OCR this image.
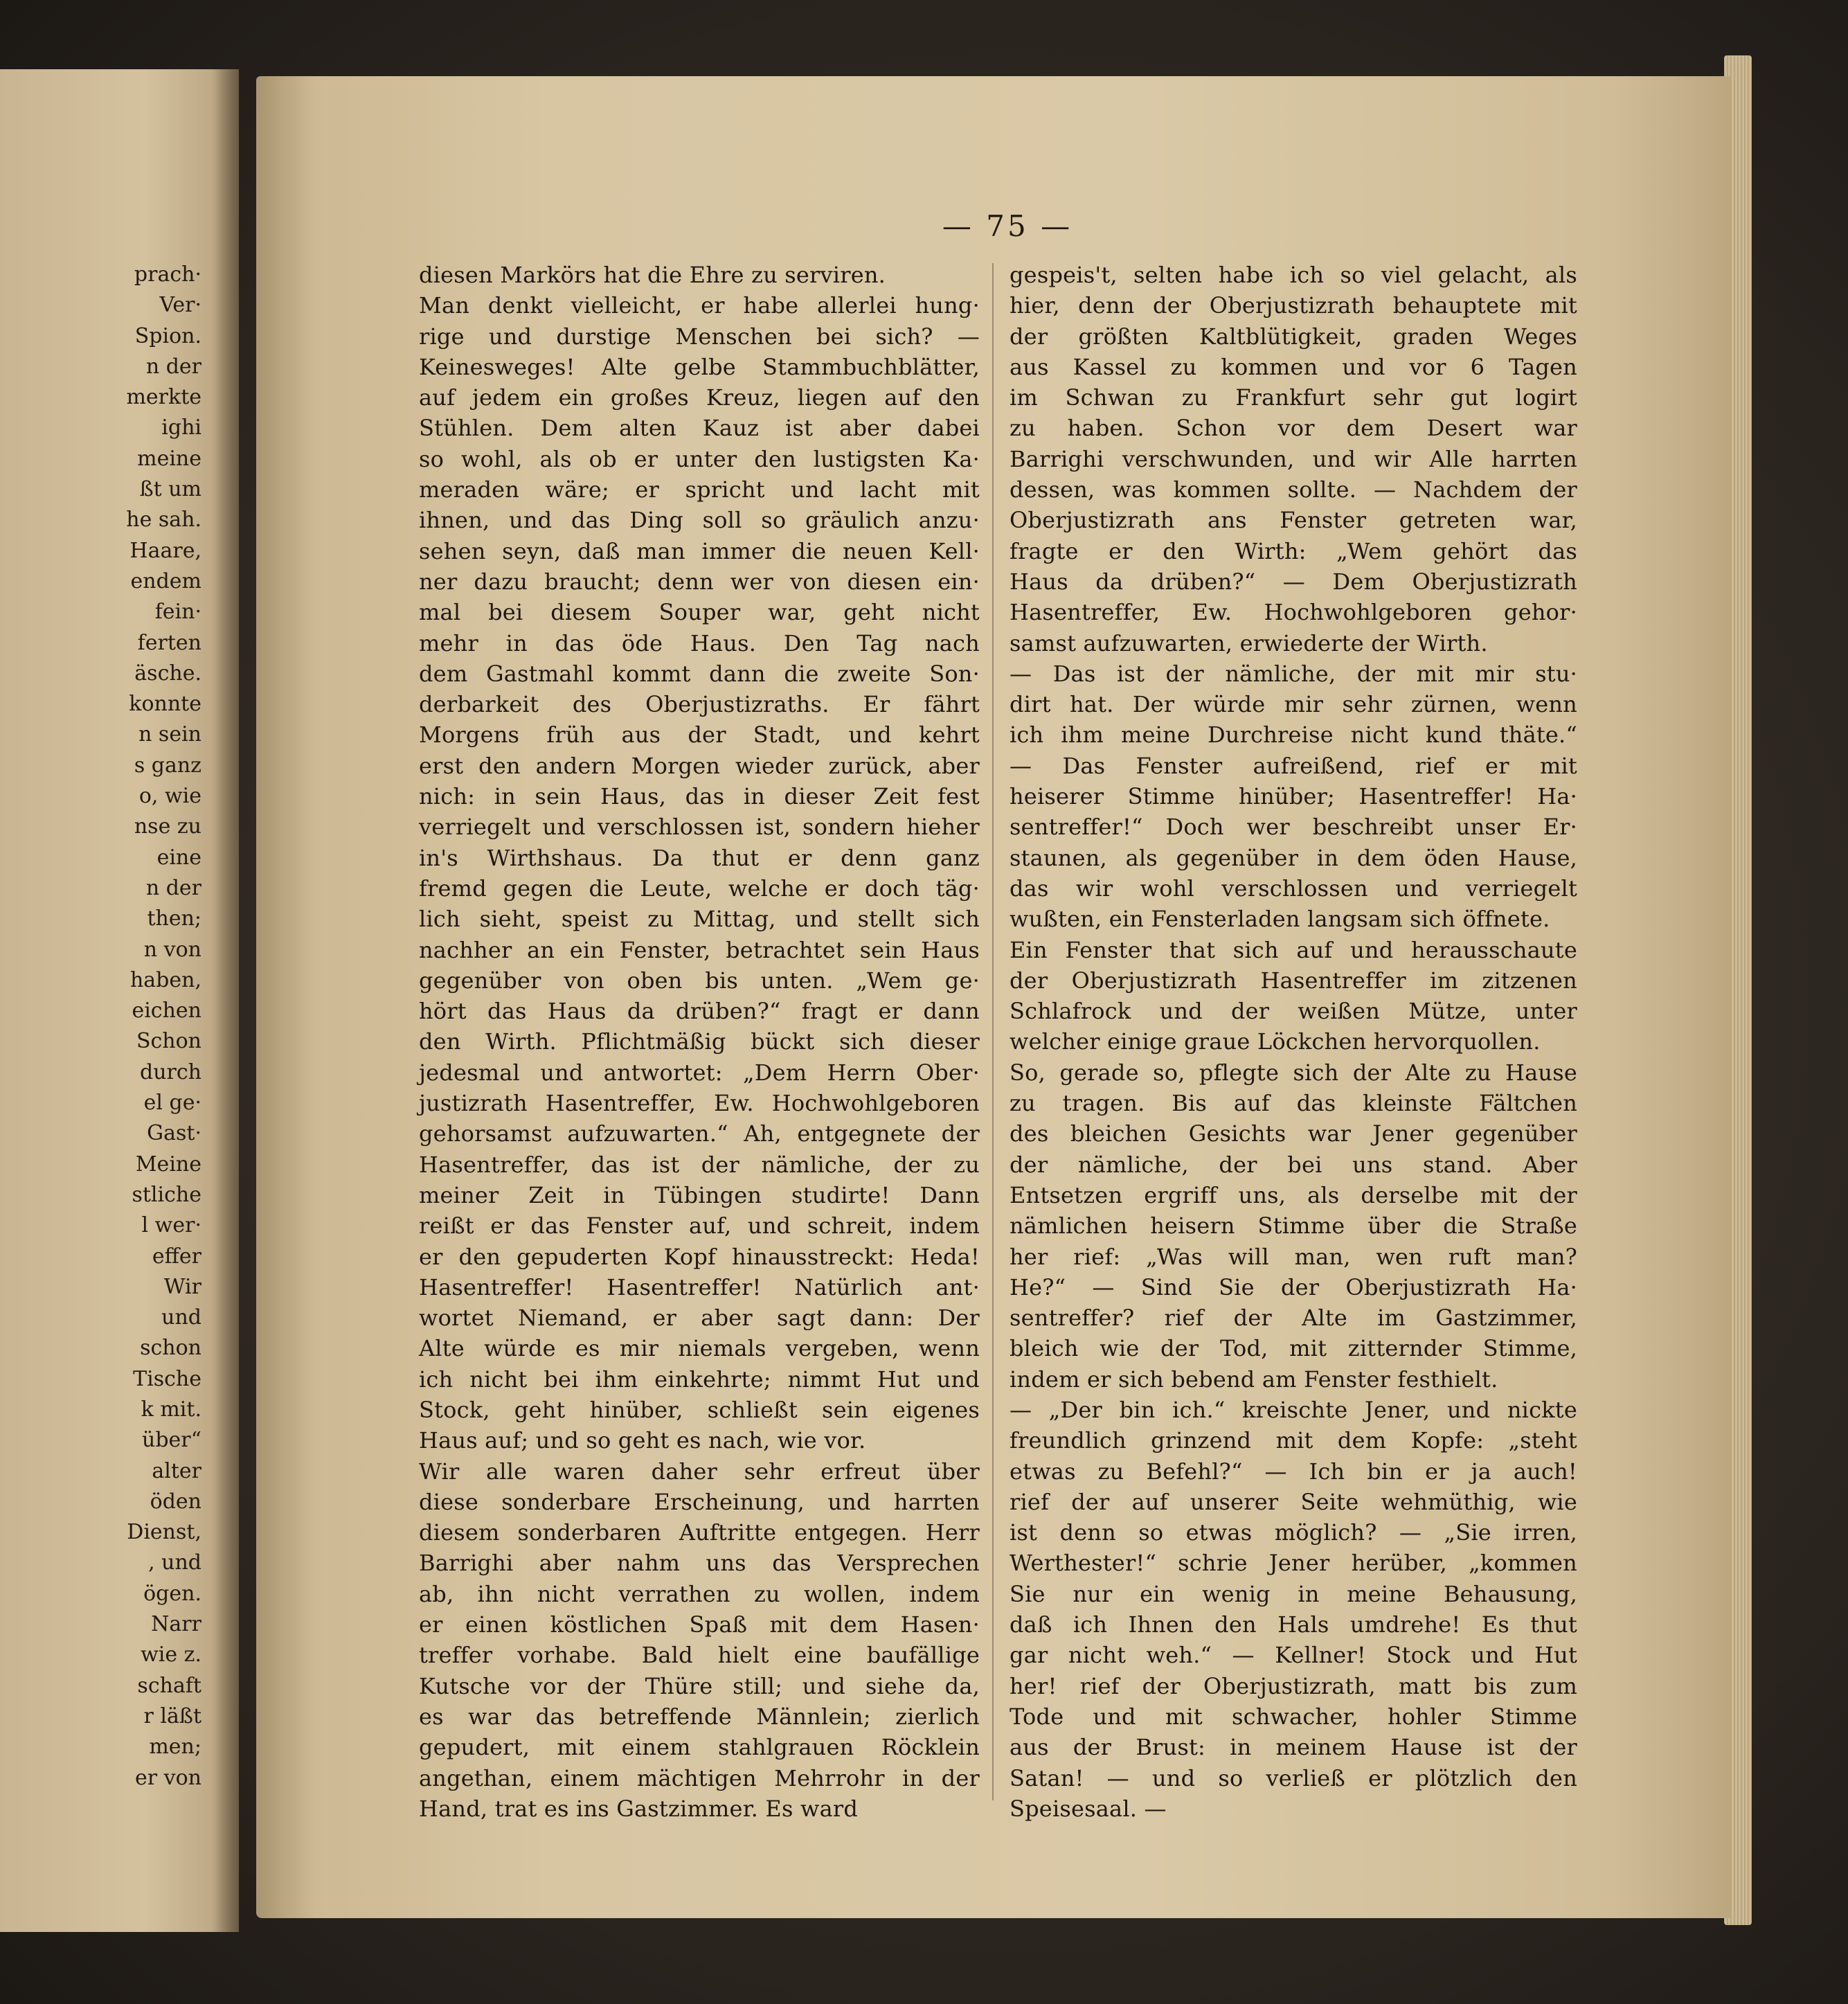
prach·
Ver·
Spion.
n der
merkte
ighi
meine
ßt um
he sah.
Haare,
endem
fein·
ferten
äsche.
konnte
n sein
s ganz
o, wie
nse zu
eine
n der
then;
n von
haben,
eichen
Schon
durch
el ge·
Gast·
Meine
stliche
l wer·
effer
Wir
und
schon
Tische
k mit.
über“
alter
öden
Dienst,
, und
ögen.
Narr
wie z.
schaft
r läßt
men;
er von
— 75 —
diesen Markörs hat die Ehre zu serviren.
Man denkt vielleicht, er habe allerlei hung·
rige und durstige Menschen bei sich? —
Keinesweges! Alte gelbe Stammbuchblätter,
auf jedem ein großes Kreuz, liegen auf den
Stühlen. Dem alten Kauz ist aber dabei
so wohl, als ob er unter den lustigsten Ka·
meraden wäre; er spricht und lacht mit
ihnen, und das Ding soll so gräulich anzu·
sehen seyn, daß man immer die neuen Kell·
ner dazu braucht; denn wer von diesen ein·
mal bei diesem Souper war, geht nicht
mehr in das öde Haus. Den Tag nach
dem Gastmahl kommt dann die zweite Son·
derbarkeit des Oberjustizraths. Er fährt
Morgens früh aus der Stadt, und kehrt
erst den andern Morgen wieder zurück, aber
nich: in sein Haus, das in dieser Zeit fest
verriegelt und verschlossen ist, sondern hieher
in's Wirthshaus. Da thut er denn ganz
fremd gegen die Leute, welche er doch täg·
lich sieht, speist zu Mittag, und stellt sich
nachher an ein Fenster, betrachtet sein Haus
gegenüber von oben bis unten. „Wem ge·
hört das Haus da drüben?“ fragt er dann
den Wirth. Pflichtmäßig bückt sich dieser
jedesmal und antwortet: „Dem Herrn Ober·
justizrath Hasentreffer, Ew. Hochwohlgeboren
gehorsamst aufzuwarten.“ Ah, entgegnete der
Hasentreffer, das ist der nämliche, der zu
meiner Zeit in Tübingen studirte! Dann
reißt er das Fenster auf, und schreit, indem
er den gepuderten Kopf hinausstreckt: Heda!
Hasentreffer! Hasentreffer! Natürlich ant·
wortet Niemand, er aber sagt dann: Der
Alte würde es mir niemals vergeben, wenn
ich nicht bei ihm einkehrte; nimmt Hut und
Stock, geht hinüber, schließt sein eigenes
Haus auf; und so geht es nach, wie vor.
Wir alle waren daher sehr erfreut über
diese sonderbare Erscheinung, und harrten
diesem sonderbaren Auftritte entgegen. Herr
Barrighi aber nahm uns das Versprechen
ab, ihn nicht verrathen zu wollen, indem
er einen köstlichen Spaß mit dem Hasen·
treffer vorhabe. Bald hielt eine baufällige
Kutsche vor der Thüre still; und siehe da,
es war das betreffende Männlein; zierlich
gepudert, mit einem stahlgrauen Röcklein
angethan, einem mächtigen Mehrrohr in der
Hand, trat es ins Gastzimmer. Es ward
gespeis't, selten habe ich so viel gelacht, als
hier, denn der Oberjustizrath behauptete mit
der größten Kaltblütigkeit, graden Weges
aus Kassel zu kommen und vor 6 Tagen
im Schwan zu Frankfurt sehr gut logirt
zu haben. Schon vor dem Desert war
Barrighi verschwunden, und wir Alle harrten
dessen, was kommen sollte. — Nachdem der
Oberjustizrath ans Fenster getreten war,
fragte er den Wirth: „Wem gehört das
Haus da drüben?“ — Dem Oberjustizrath
Hasentreffer, Ew. Hochwohlgeboren gehor·
samst aufzuwarten, erwiederte der Wirth.
— Das ist der nämliche, der mit mir stu·
dirt hat. Der würde mir sehr zürnen, wenn
ich ihm meine Durchreise nicht kund thäte.“
— Das Fenster aufreißend, rief er mit
heiserer Stimme hinüber; Hasentreffer! Ha·
sentreffer!“ Doch wer beschreibt unser Er·
staunen, als gegenüber in dem öden Hause,
das wir wohl verschlossen und verriegelt
wußten, ein Fensterladen langsam sich öffnete.
Ein Fenster that sich auf und herausschaute
der Oberjustizrath Hasentreffer im zitzenen
Schlafrock und der weißen Mütze, unter
welcher einige graue Löckchen hervorquollen.
So, gerade so, pflegte sich der Alte zu Hause
zu tragen. Bis auf das kleinste Fältchen
des bleichen Gesichts war Jener gegenüber
der nämliche, der bei uns stand. Aber
Entsetzen ergriff uns, als derselbe mit der
nämlichen heisern Stimme über die Straße
her rief: „Was will man, wen ruft man?
He?“ — Sind Sie der Oberjustizrath Ha·
sentreffer? rief der Alte im Gastzimmer,
bleich wie der Tod, mit zitternder Stimme,
indem er sich bebend am Fenster festhielt.
— „Der bin ich.“ kreischte Jener, und nickte
freundlich grinzend mit dem Kopfe: „steht
etwas zu Befehl?“ — Ich bin er ja auch!
rief der auf unserer Seite wehmüthig, wie
ist denn so etwas möglich? — „Sie irren,
Werthester!“ schrie Jener herüber, „kommen
Sie nur ein wenig in meine Behausung,
daß ich Ihnen den Hals umdrehe! Es thut
gar nicht weh.“ — Kellner! Stock und Hut
her! rief der Oberjustizrath, matt bis zum
Tode und mit schwacher, hohler Stimme
aus der Brust: in meinem Hause ist der
Satan! — und so verließ er plötzlich den
Speisesaal. —
